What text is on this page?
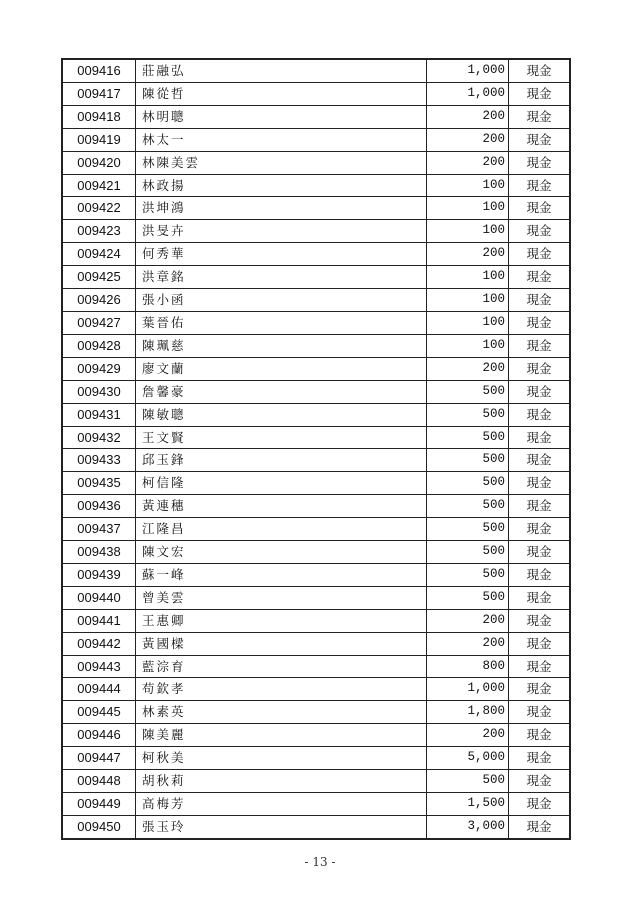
009416	莊融弘	1,000	現金
009417	陳從哲	1,000	現金
009418	林明聰	200	現金
009419	林太一	200	現金
009420	林陳美雲	200	現金
009421	林政揚	100	現金
009422	洪坤鴻	100	現金
009423	洪旻卉	100	現金
009424	何秀華	200	現金
009425	洪章銘	100	現金
009426	張小函	100	現金
009427	葉晉佑	100	現金
009428	陳珮慈	100	現金
009429	廖文蘭	200	現金
009430	詹馨豪	500	現金
009431	陳敏聰	500	現金
009432	王文賢	500	現金
009433	邱玉鋒	500	現金
009435	柯信隆	500	現金
009436	黃連穗	500	現金
009437	江隆昌	500	現金
009438	陳文宏	500	現金
009439	蘇一峰	500	現金
009440	曾美雲	500	現金
009441	王惠卿	200	現金
009442	黃國樑	200	現金
009443	藍淙育	800	現金
009444	苟欽孝	1,000	現金
009445	林素英	1,800	現金
009446	陳美麗	200	現金
009447	柯秋美	5,000	現金
009448	胡秋莉	500	現金
009449	高梅芳	1,500	現金
009450	張玉玲	3,000	現金
- 13 -
